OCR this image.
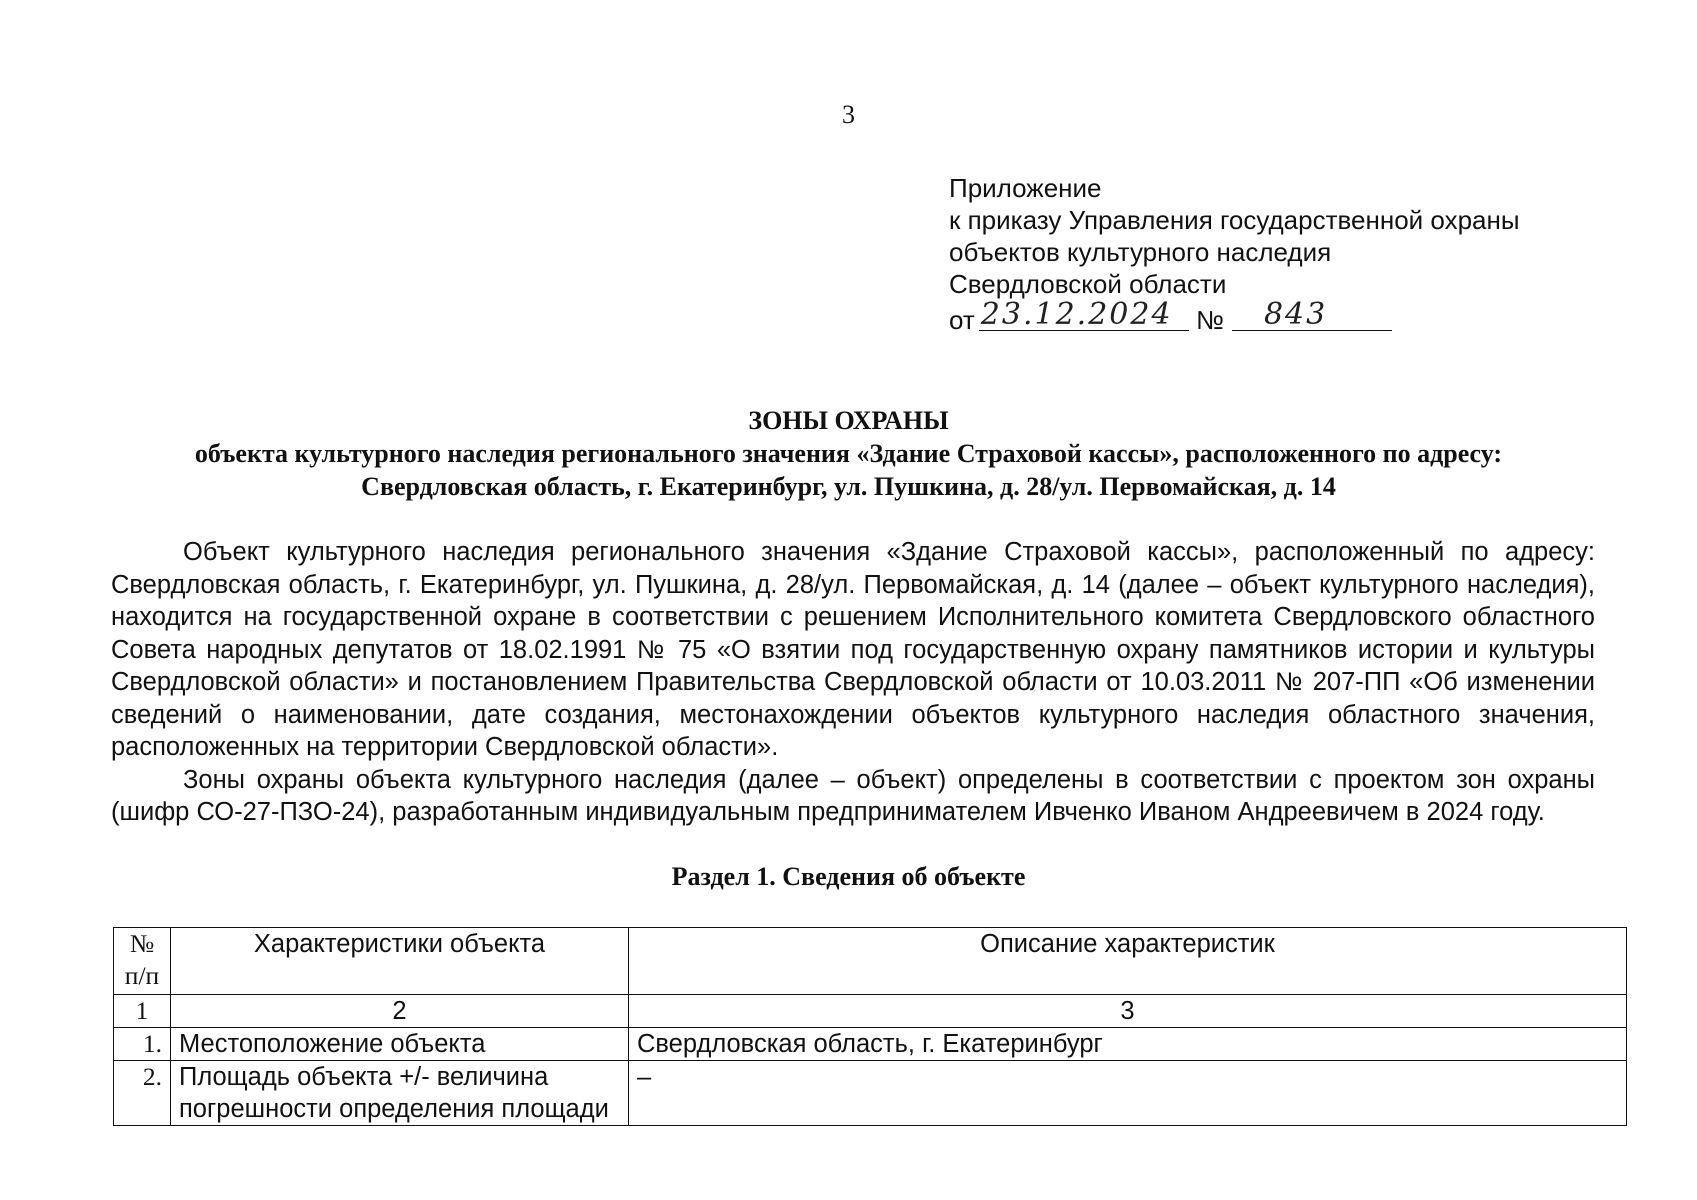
3
Приложение
к приказу Управления государственной охраны
объектов культурного наследия
Свердловской области
от 23.12.2024 № 843
ЗОНЫ ОХРАНЫ
объекта культурного наследия регионального значения «Здание Страховой кассы», расположенного по адресу:
Свердловская область, г. Екатеринбург, ул. Пушкина, д. 28/ул. Первомайская, д. 14

Объект культурного наследия регионального значения «Здание Страховой кассы», расположенный по адресу: Свердловская область, г. Екатеринбург, ул. Пушкина, д. 28/ул. Первомайская, д. 14 (далее – объект культурного наследия), находится на государственной охране в соответствии с решением Исполнительного комитета Свердловского областного Совета народных депутатов от 18.02.1991 № 75 «О взятии под государственную охрану памятников истории и культуры Свердловской области» и постановлением Правительства Свердловской области от 10.03.2011 № 207-ПП «Об изменении сведений о наименовании, дате создания, местонахождении объектов культурного наследия областного значения, расположенных на территории Свердловской области».

Зоны охраны объекта культурного наследия (далее – объект) определены в соответствии с проектом зон охраны (шифр СО-27-ПЗО-24), разработанным индивидуальным предпринимателем Ивченко Иваном Андреевичем в 2024 году.

Раздел 1. Сведения об объекте
№ п/п	Характеристики объекта	Описание характеристик
1	2	3
1.	Местоположение объекта	Свердловская область, г. Екатеринбург
2.	Площадь объекта +/- величина погрешности определения площади	–
